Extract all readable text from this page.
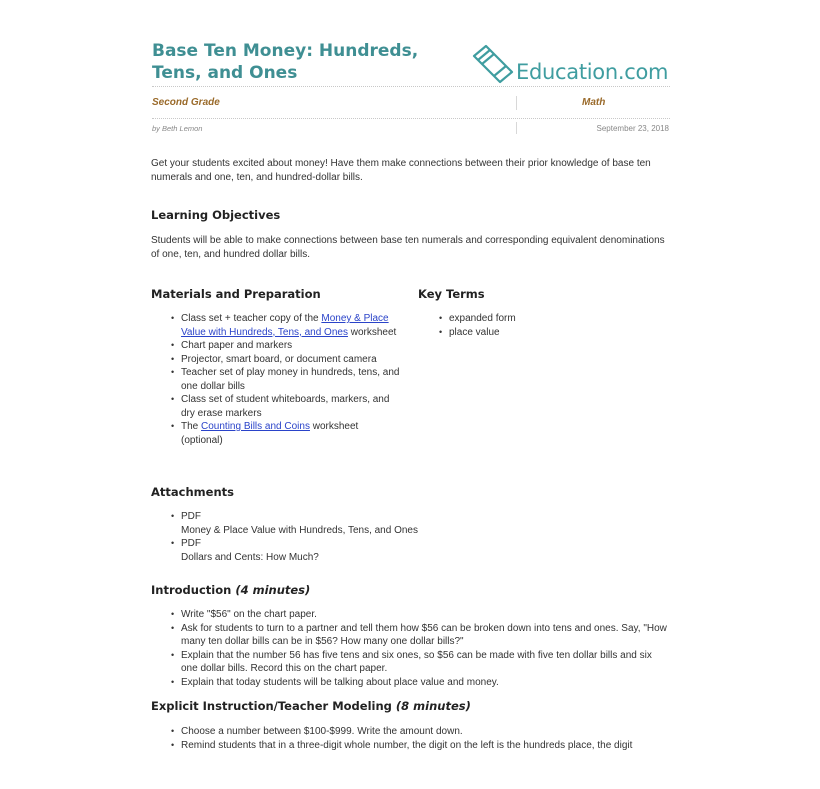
Base Ten Money: Hundreds, Tens, and Ones	Education.com
Second Grade	Math
by Beth Lemon	September 23, 2018

Get your students excited about money! Have them make connections between their prior knowledge of base ten numerals and one, ten, and hundred-dollar bills.

Learning Objectives

Students will be able to make connections between base ten numerals and corresponding equivalent denominations of one, ten, and hundred dollar bills.

Materials and Preparation
• Class set + teacher copy of the Money & Place Value with Hundreds, Tens, and Ones worksheet
• Chart paper and markers
• Projector, smart board, or document camera
• Teacher set of play money in hundreds, tens, and one dollar bills
• Class set of student whiteboards, markers, and dry erase markers
• The Counting Bills and Coins worksheet (optional)
Key Terms
• expanded form
• place value
Attachments
• PDF
Money & Place Value with Hundreds, Tens, and Ones
• PDF
Dollars and Cents: How Much?
Introduction (4 minutes)
• Write "$56" on the chart paper.
• Ask for students to turn to a partner and tell them how $56 can be broken down into tens and ones. Say, "How many ten dollar bills can be in $56? How many one dollar bills?"
• Explain that the number 56 has five tens and six ones, so $56 can be made with five ten dollar bills and six one dollar bills. Record this on the chart paper.
• Explain that today students will be talking about place value and money.
Explicit Instruction/Teacher Modeling (8 minutes)
• Choose a number between $100-$999. Write the amount down.
• Remind students that in a three-digit whole number, the digit on the left is the hundreds place, the digit
